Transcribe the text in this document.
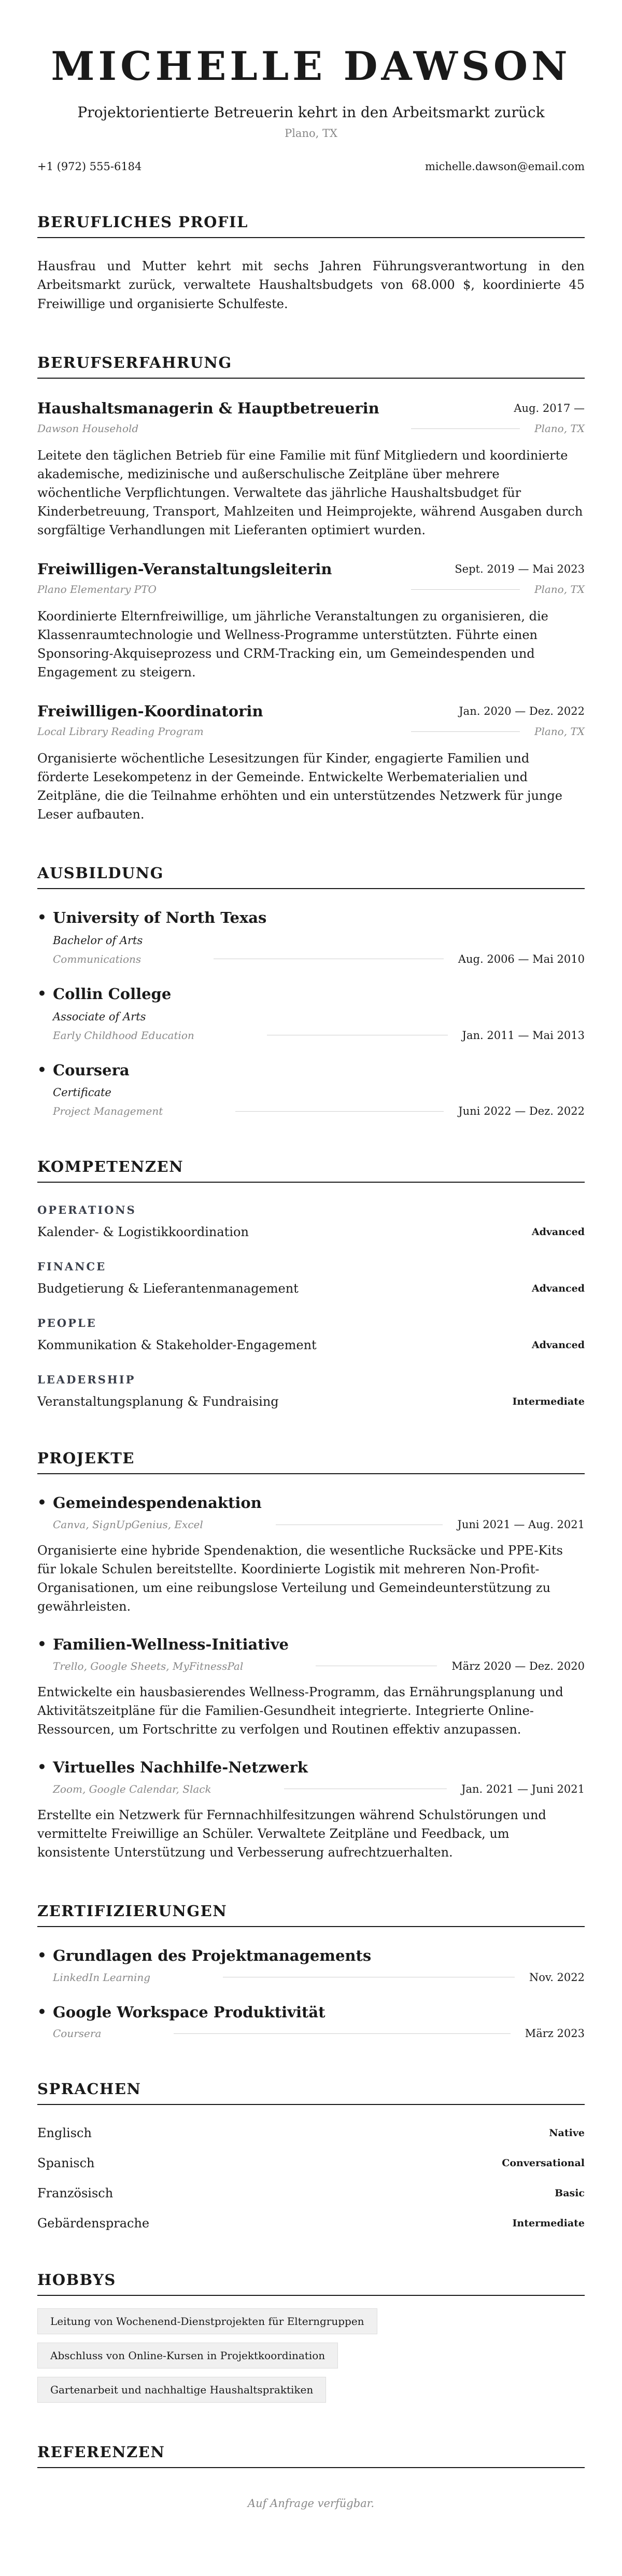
MICHELLE DAWSON
Projektorientierte Betreuerin kehrt in den Arbeitsmarkt zurück
Plano, TX
+1 (972) 555-6184	michelle.dawson@email.com
BERUFLICHES PROFIL
Hausfrau und Mutter kehrt mit sechs Jahren Führungsverantwortung in den Arbeitsmarkt zurück, verwaltete Haushaltsbudgets von 68.000 $, koordinierte 45 Freiwillige und organisierte Schulfeste.
BERUFSERFAHRUNG
Haushaltsmanagerin & Hauptbetreuerin	Aug. 2017 —
Dawson Household	Plano, TX
Leitete den täglichen Betrieb für eine Familie mit fünf Mitgliedern und koordinierte akademische, medizinische und außerschulische Zeitpläne über mehrere wöchentliche Verpflichtungen. Verwaltete das jährliche Haushaltsbudget für Kinderbetreuung, Transport, Mahlzeiten und Heimprojekte, während Ausgaben durch sorgfältige Verhandlungen mit Lieferanten optimiert wurden.
Freiwilligen-Veranstaltungsleiterin	Sept. 2019 — Mai 2023
Plano Elementary PTO	Plano, TX
Koordinierte Elternfreiwillige, um jährliche Veranstaltungen zu organisieren, die Klassenraumtechnologie und Wellness-Programme unterstützten. Führte einen Sponsoring-Akquiseprozess und CRM-Tracking ein, um Gemeindespenden und Engagement zu steigern.
Freiwilligen-Koordinatorin	Jan. 2020 — Dez. 2022
Local Library Reading Program	Plano, TX
Organisierte wöchentliche Lesesitzungen für Kinder, engagierte Familien und förderte Lesekompetenz in der Gemeinde. Entwickelte Werbematerialien und Zeitpläne, die die Teilnahme erhöhten und ein unterstützendes Netzwerk für junge Leser aufbauten.
AUSBILDUNG
• University of North Texas
Bachelor of Arts
Communications	Aug. 2006 — Mai 2010
• Collin College
Associate of Arts
Early Childhood Education	Jan. 2011 — Mai 2013
• Coursera
Certificate
Project Management	Juni 2022 — Dez. 2022
KOMPETENZEN
OPERATIONS
Kalender- & Logistikkoordination	Advanced
FINANCE
Budgetierung & Lieferantenmanagement	Advanced
PEOPLE
Kommunikation & Stakeholder-Engagement	Advanced
LEADERSHIP
Veranstaltungsplanung & Fundraising	Intermediate
PROJEKTE
• Gemeindespendenaktion
Canva, SignUpGenius, Excel	Juni 2021 — Aug. 2021
Organisierte eine hybride Spendenaktion, die wesentliche Rucksäcke und PPE-Kits für lokale Schulen bereitstellte. Koordinierte Logistik mit mehreren Non-Profit-Organisationen, um eine reibungslose Verteilung und Gemeindeunterstützung zu gewährleisten.
• Familien-Wellness-Initiative
Trello, Google Sheets, MyFitnessPal	März 2020 — Dez. 2020
Entwickelte ein hausbasierendes Wellness-Programm, das Ernährungsplanung und Aktivitätszeitpläne für die Familien-Gesundheit integrierte. Integrierte Online-Ressourcen, um Fortschritte zu verfolgen und Routinen effektiv anzupassen.
• Virtuelles Nachhilfe-Netzwerk
Zoom, Google Calendar, Slack	Jan. 2021 — Juni 2021
Erstellte ein Netzwerk für Fernnachhilfesitzungen während Schulstörungen und vermittelte Freiwillige an Schüler. Verwaltete Zeitpläne und Feedback, um konsistente Unterstützung und Verbesserung aufrechtzuerhalten.
ZERTIFIZIERUNGEN
• Grundlagen des Projektmanagements
LinkedIn Learning	Nov. 2022
• Google Workspace Produktivität
Coursera	März 2023
SPRACHEN
Englisch	Native
Spanisch	Conversational
Französisch	Basic
Gebärdensprache	Intermediate
HOBBYS
Leitung von Wochenend-Dienstprojekten für Elterngruppen
Abschluss von Online-Kursen in Projektkoordination
Gartenarbeit und nachhaltige Haushaltspraktiken
REFERENZEN
Auf Anfrage verfügbar.
